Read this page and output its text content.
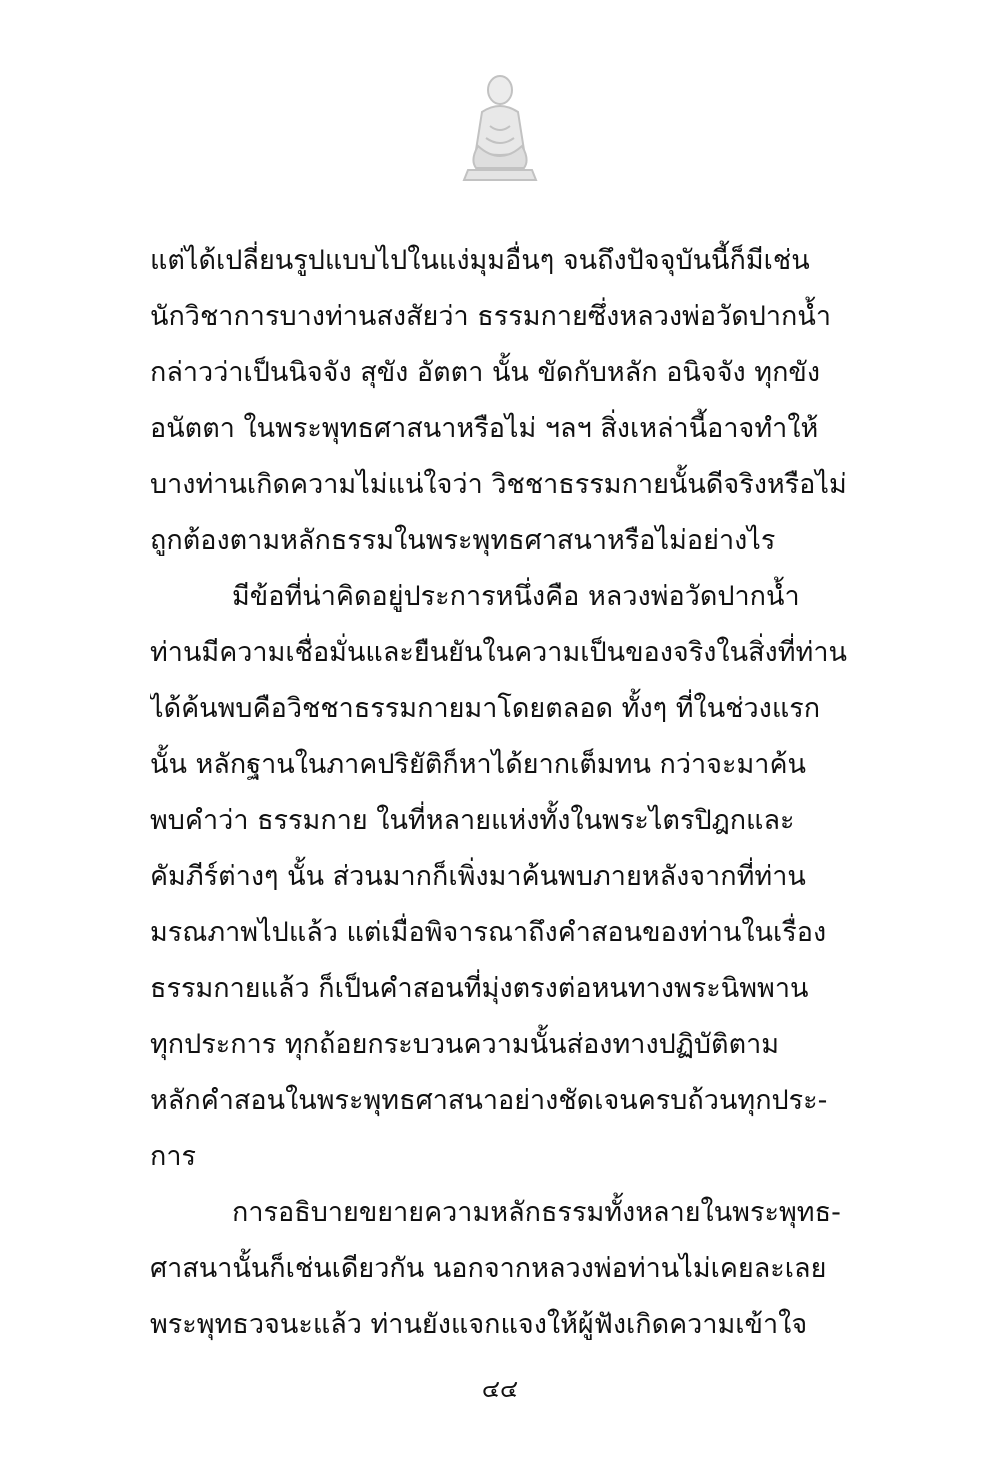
แต่ได้เปลี่ยนรูปแบบไปในแง่มุมอื่นๆ จนถึงปัจจุบันนี้ก็มีเช่น
นักวิชาการบางท่านสงสัยว่า ธรรมกายซึ่งหลวงพ่อวัดปากน้ำ
กล่าวว่าเป็นนิจจัง สุขัง อัตตา นั้น ขัดกับหลัก อนิจจัง ทุกขัง
อนัตตา ในพระพุทธศาสนาหรือไม่ ฯลฯ สิ่งเหล่านี้อาจทำให้
บางท่านเกิดความไม่แน่ใจว่า วิชชาธรรมกายนั้นดีจริงหรือไม่
ถูกต้องตามหลักธรรมในพระพุทธศาสนาหรือไม่อย่างไร
มีข้อที่น่าคิดอยู่ประการหนึ่งคือ หลวงพ่อวัดปากน้ำ
ท่านมีความเชื่อมั่นและยืนยันในความเป็นของจริงในสิ่งที่ท่าน
ได้ค้นพบคือวิชชาธรรมกายมาโดยตลอด ทั้งๆ ที่ในช่วงแรก
นั้น หลักฐานในภาคปริยัติก็หาได้ยากเต็มทน กว่าจะมาค้น
พบคำว่า ธรรมกาย ในที่หลายแห่งทั้งในพระไตรปิฎกและ
คัมภีร์ต่างๆ นั้น ส่วนมากก็เพิ่งมาค้นพบภายหลังจากที่ท่าน
มรณภาพไปแล้ว แต่เมื่อพิจารณาถึงคำสอนของท่านในเรื่อง
ธรรมกายแล้ว ก็เป็นคำสอนที่มุ่งตรงต่อหนทางพระนิพพาน
ทุกประการ ทุกถ้อยกระบวนความนั้นส่องทางปฏิบัติตาม
หลักคำสอนในพระพุทธศาสนาอย่างชัดเจนครบถ้วนทุกประ-
การ
การอธิบายขยายความหลักธรรมทั้งหลายในพระพุทธ-
ศาสนานั้นก็เช่นเดียวกัน นอกจากหลวงพ่อท่านไม่เคยละเลย
พระพุทธวจนะแล้ว ท่านยังแจกแจงให้ผู้ฟังเกิดความเข้าใจ
๔๔
